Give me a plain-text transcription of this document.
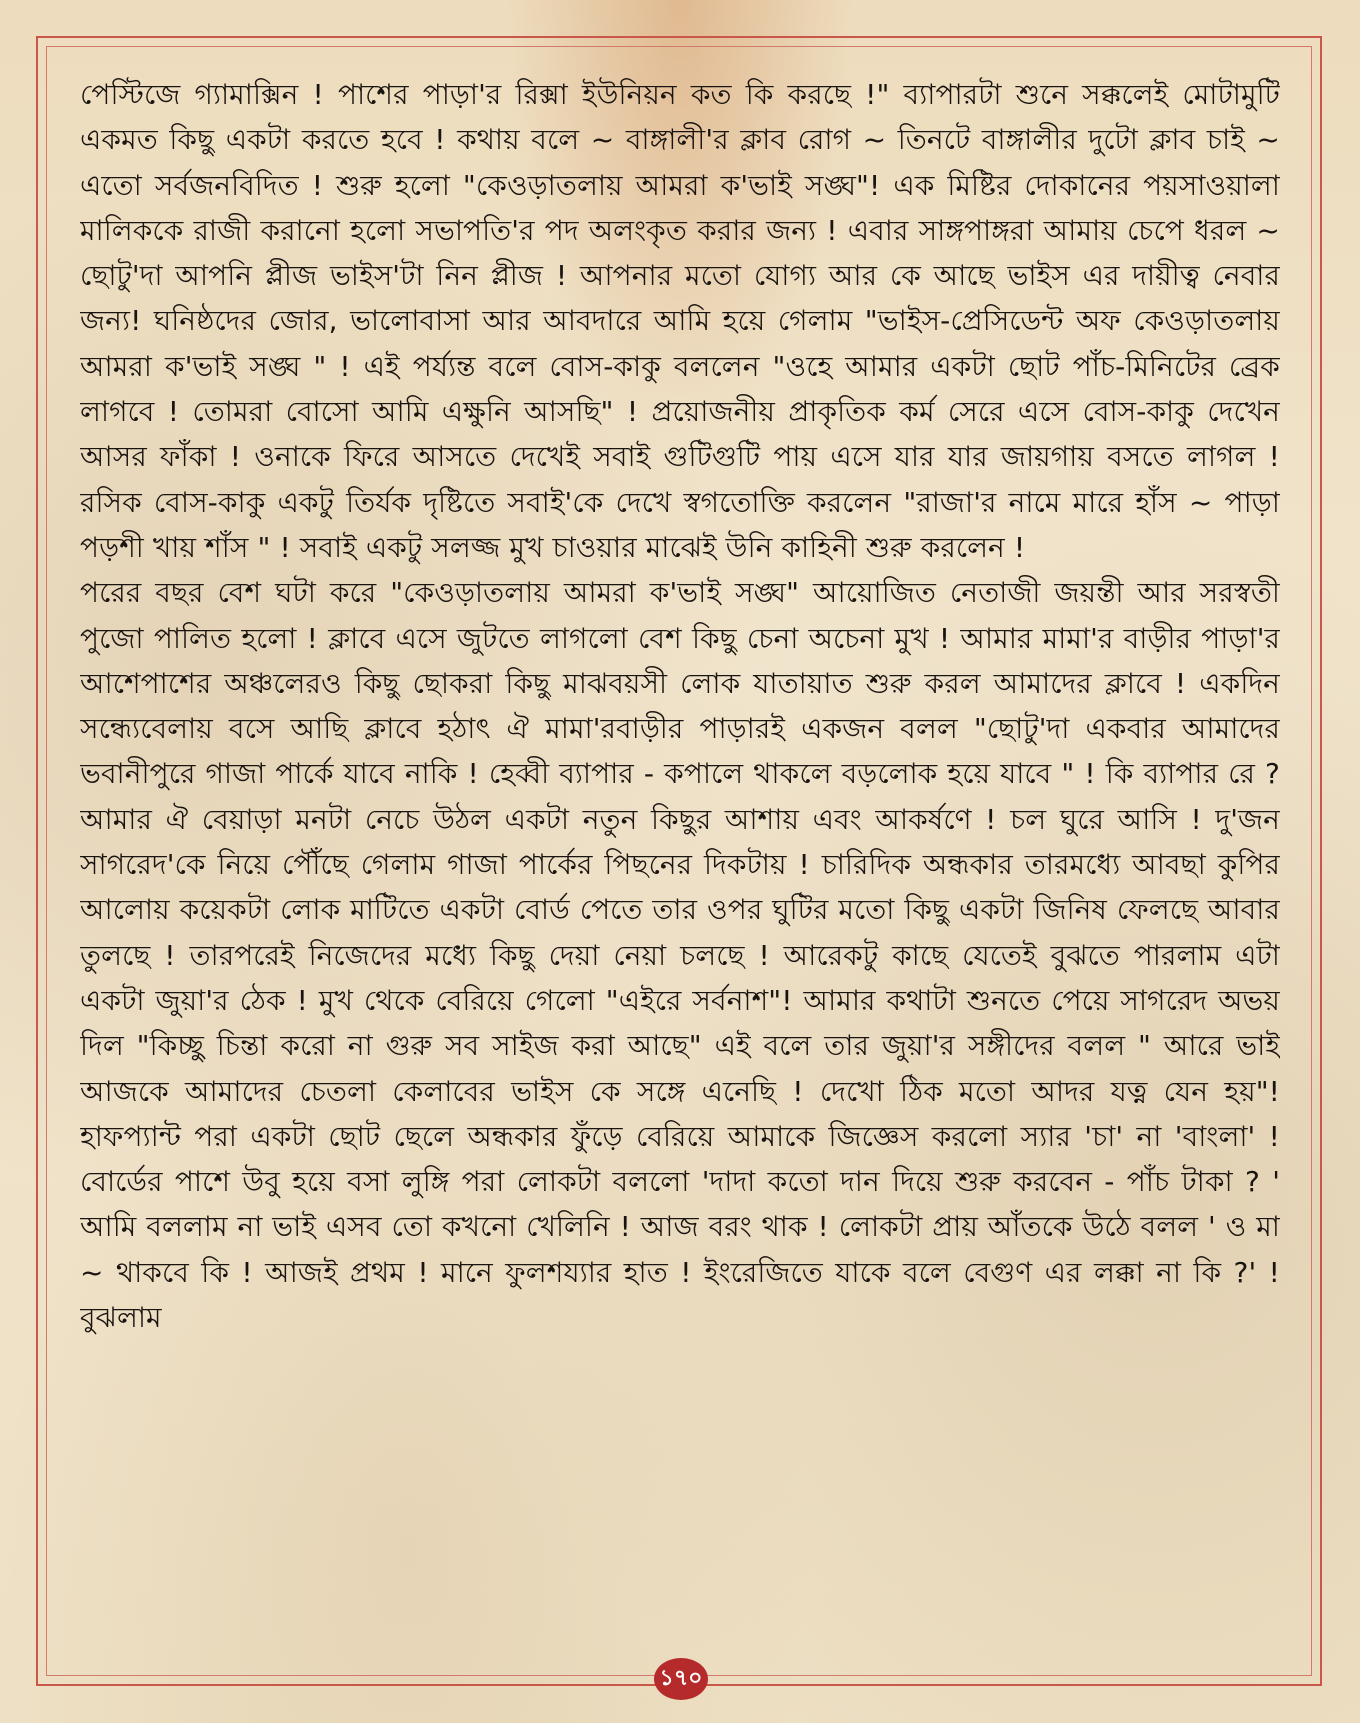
পেস্টিজে গ্যামাক্সিন ! পাশের পাড়া'র রিক্সা ইউনিয়ন কত কি করছে !" ব্যাপারটা শুনে সক্কলেই মোটামুটি একমত কিছু একটা করতে হবে ! কথায় বলে ~ বাঙ্গালী'র ক্লাব রোগ ~ তিনটে বাঙ্গালীর দুটো ক্লাব চাই ~ এতো সর্বজনবিদিত ! শুরু হলো "কেওড়াতলায় আমরা ক'ভাই সঙ্ঘ"! এক মিষ্টির দোকানের পয়সাওয়ালা মালিককে রাজী করানো হলো সভাপতি'র পদ অলংকৃত করার জন্য ! এবার সাঙ্গপাঙ্গরা আমায় চেপে ধরল ~ ছোটু'দা আপনি প্লীজ ভাইস'টা নিন প্লীজ ! আপনার মতো যোগ্য আর কে আছে ভাইস এর দায়ীত্ব নেবার জন্য! ঘনিষ্ঠদের জোর, ভালোবাসা আর আবদারে আমি হয়ে গেলাম "ভাইস-প্রেসিডেন্ট অফ কেওড়াতলায় আমরা ক'ভাই সঙ্ঘ " ! এই পর্য্যন্ত বলে বোস-কাকু বললেন "ওহে আমার একটা ছোট পাঁচ-মিনিটের ব্রেক লাগবে ! তোমরা বোসো আমি এক্ষুনি আসছি" ! প্রয়োজনীয় প্রাকৃতিক কর্ম সেরে এসে বোস-কাকু দেখেন আসর ফাঁকা ! ওনাকে ফিরে আসতে দেখেই সবাই গুটিগুটি পায় এসে যার যার জায়গায় বসতে লাগল ! রসিক বোস-কাকু একটু তির্যক দৃষ্টিতে সবাই'কে দেখে স্বগতোক্তি করলেন "রাজা'র নামে মারে হাঁস ~ পাড়া পড়শী খায় শাঁস " ! সবাই একটু সলজ্জ মুখ চাওয়ার মাঝেই উনি কাহিনী শুরু করলেন !

পরের বছর বেশ ঘটা করে "কেওড়াতলায় আমরা ক'ভাই সঙ্ঘ" আয়োজিত নেতাজী জয়ন্তী আর সরস্বতী পুজো পালিত হলো ! ক্লাবে এসে জুটতে লাগলো বেশ কিছু চেনা অচেনা মুখ ! আমার মামা'র বাড়ীর পাড়া'র আশেপাশের অঞ্চলেরও কিছু ছোকরা কিছু মাঝবয়সী লোক যাতায়াত শুরু করল আমাদের ক্লাবে ! একদিন সন্ধ্যেবেলায় বসে আছি ক্লাবে হঠাৎ ঐ মামা'রবাড়ীর পাড়ারই একজন বলল "ছোটু'দা একবার আমাদের ভবানীপুরে গাজা পার্কে যাবে নাকি ! হেব্বী ব্যাপার - কপালে থাকলে বড়লোক হয়ে যাবে " ! কি ব্যাপার রে ? আমার ঐ বেয়াড়া মনটা নেচে উঠল একটা নতুন কিছুর আশায় এবং আকর্ষণে ! চল ঘুরে আসি ! দু'জন সাগরেদ'কে নিয়ে পৌঁছে গেলাম গাজা পার্কের পিছনের দিকটায় ! চারিদিক অন্ধকার তারমধ্যে আবছা কুপির আলোয় কয়েকটা লোক মাটিতে একটা বোর্ড পেতে তার ওপর ঘুটির মতো কিছু একটা জিনিষ ফেলছে আবার তুলছে ! তারপরেই নিজেদের মধ্যে কিছু দেয়া নেয়া চলছে ! আরেকটু কাছে যেতেই বুঝতে পারলাম এটা একটা জুয়া'র ঠেক ! মুখ থেকে বেরিয়ে গেলো "এইরে সর্বনাশ"! আমার কথাটা শুনতে পেয়ে সাগরেদ অভয় দিল "কিচ্ছু চিন্তা করো না গুরু সব সাইজ করা আছে" এই বলে তার জুয়া'র সঙ্গীদের বলল " আরে ভাই আজকে আমাদের চেতলা কেলাবের ভাইস কে সঙ্গে এনেছি ! দেখো ঠিক মতো আদর যত্ন যেন হয়"! হাফপ্যান্ট পরা একটা ছোট ছেলে অন্ধকার ফুঁড়ে বেরিয়ে আমাকে জিজ্ঞেস করলো স্যার 'চা' না 'বাংলা' ! বোর্ডের পাশে উবু হয়ে বসা লুঙ্গি পরা লোকটা বললো 'দাদা কতো দান দিয়ে শুরু করবেন - পাঁচ টাকা ? ' আমি বললাম না ভাই এসব তো কখনো খেলিনি ! আজ বরং থাক ! লোকটা প্রায় আঁতকে উঠে বলল ' ও মা ~ থাকবে কি ! আজই প্রথম ! মানে ফুলশয্যার হাত ! ইংরেজিতে যাকে বলে বেগুণ এর লক্কা না কি ?' ! বুঝলাম

১৭০
